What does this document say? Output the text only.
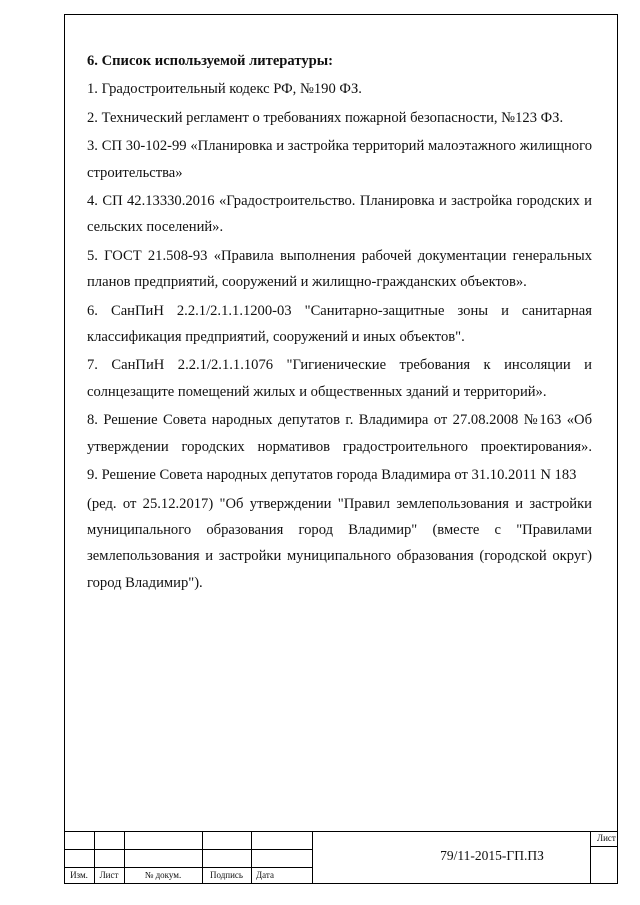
6. Список используемой литературы:

1. Градостроительный кодекс РФ, №190 ФЗ.

2. Технический регламент о требованиях пожарной безопасности, №123 ФЗ.

3. СП 30-102-99 «Планировка и застройка территорий малоэтажного жилищного строительства»

4. СП 42.13330.2016 «Градостроительство. Планировка и застройка городских и сельских поселений».

5. ГОСТ 21.508-93 «Правила выполнения рабочей документации генеральных планов предприятий, сооружений и жилищно-гражданских объектов».

6. СанПиН 2.2.1/2.1.1.1200-03 "Санитарно-защитные зоны и санитарная классификация предприятий, сооружений и иных объектов".

7. СанПиН 2.2.1/2.1.1.1076 "Гигиенические требования к инсоляции и солнцезащите помещений жилых и общественных зданий и территорий».

8. Решение Совета народных депутатов г. Владимира от 27.08.2008 №163 «Об утверждении городских нормативов градостроительного проектирования».

9. Решение Совета народных депутатов города Владимира от 31.10.2011 N 183

(ред. от 25.12.2017) "Об утверждении "Правил землепользования и застройки муниципального образования город Владимир" (вместе с "Правилами землепользования и застройки муниципального образования (городской округ) город Владимир").

Изм.	Лист	№ докум.	Подпись	Дата
79/11-2015-ГП.ПЗ
Лист
